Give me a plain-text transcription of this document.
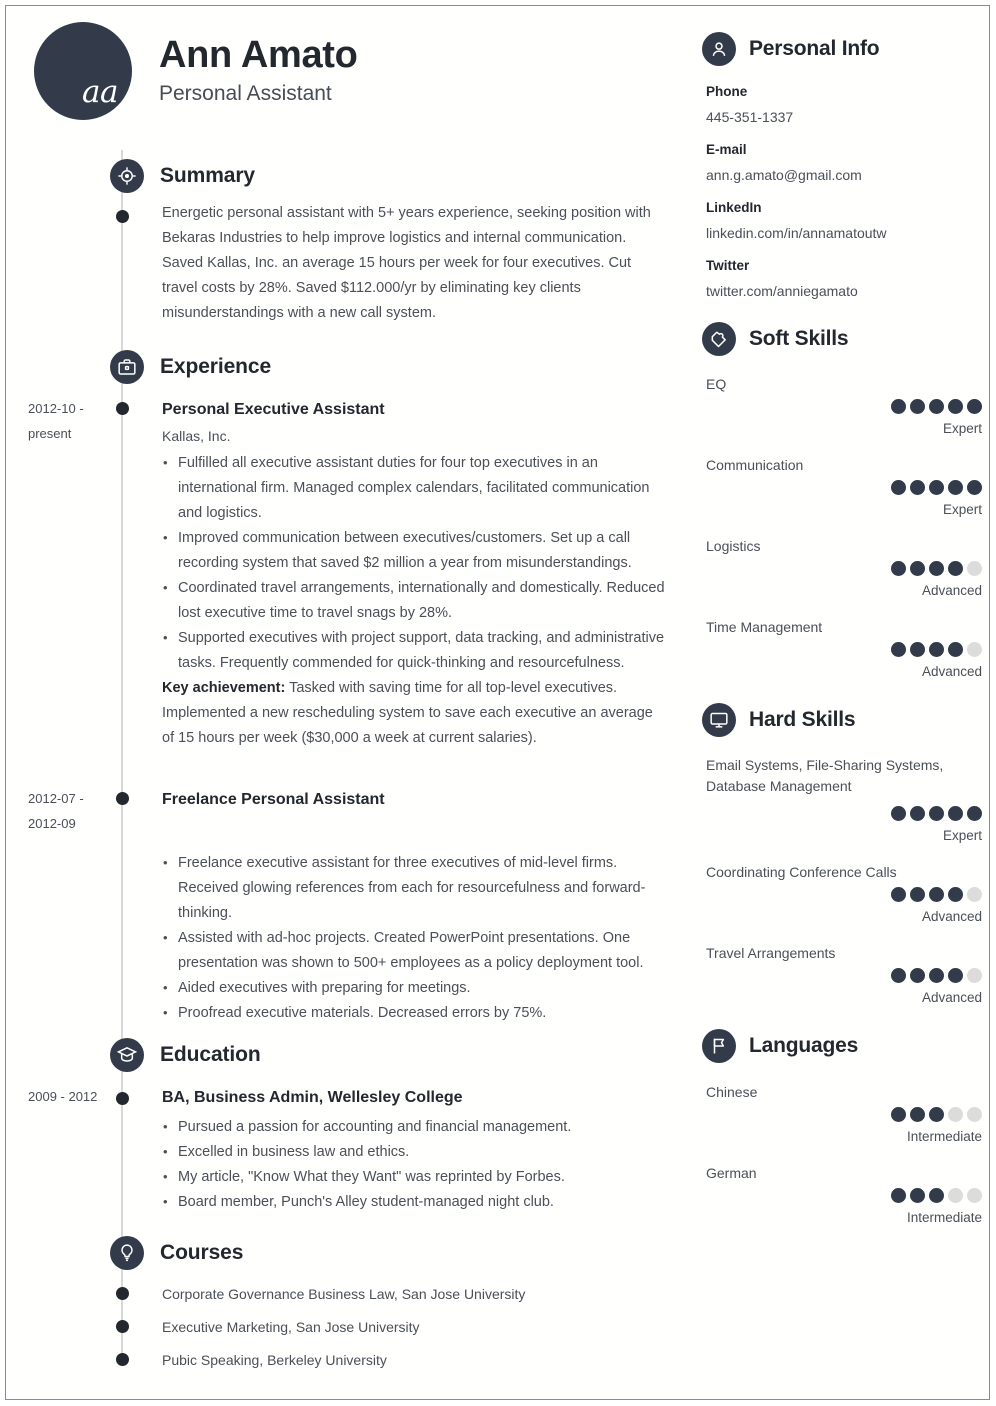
aa
Ann Amato
Personal Assistant
Summary
Energetic personal assistant with 5+ years experience, seeking position with Bekaras Industries to help improve logistics and internal communication. Saved Kallas, Inc. an average 15 hours per week for four executives. Cut travel costs by 28%. Saved $112.000/yr by eliminating key clients misunderstandings with a new call system.
Experience
2012-10 - present
Personal Executive Assistant
Kallas, Inc.
• Fulfilled all executive assistant duties for four top executives in an international firm. Managed complex calendars, facilitated communication and logistics.
• Improved communication between executives/customers. Set up a call recording system that saved $2 million a year from misunderstandings.
• Coordinated travel arrangements, internationally and domestically. Reduced lost executive time to travel snags by 28%.
• Supported executives with project support, data tracking, and administrative tasks. Frequently commended for quick-thinking and resourcefulness.
Key achievement: Tasked with saving time for all top-level executives. Implemented a new rescheduling system to save each executive an average of 15 hours per week ($30,000 a week at current salaries).
2012-07 - 2012-09
Freelance Personal Assistant

• Freelance executive assistant for three executives of mid-level firms. Received glowing references from each for resourcefulness and forward-thinking.
• Assisted with ad-hoc projects. Created PowerPoint presentations. One presentation was shown to 500+ employees as a policy deployment tool.
• Aided executives with preparing for meetings.
• Proofread executive materials. Decreased errors by 75%.
Education
2009 - 2012	BA, Business Admin, Wellesley College
• Pursued a passion for accounting and financial management.
• Excelled in business law and ethics.
• My article, "Know What they Want" was reprinted by Forbes.
• Board member, Punch's Alley student-managed night club.
Courses
Corporate Governance Business Law, San Jose University
Executive Marketing, San Jose University
Pubic Speaking, Berkeley University
Personal Info
Phone
445-351-1337
E-mail
ann.g.amato@gmail.com
LinkedIn
linkedin.com/in/annamatoutw
Twitter
twitter.com/anniegamato
Soft Skills
EQ
Expert
Communication
Expert
Logistics
Advanced
Time Management
Advanced
Hard Skills
Email Systems, File-Sharing Systems, Database Management
Expert
Coordinating Conference Calls
Advanced
Travel Arrangements
Advanced
Languages
Chinese
Intermediate
German
Intermediate
